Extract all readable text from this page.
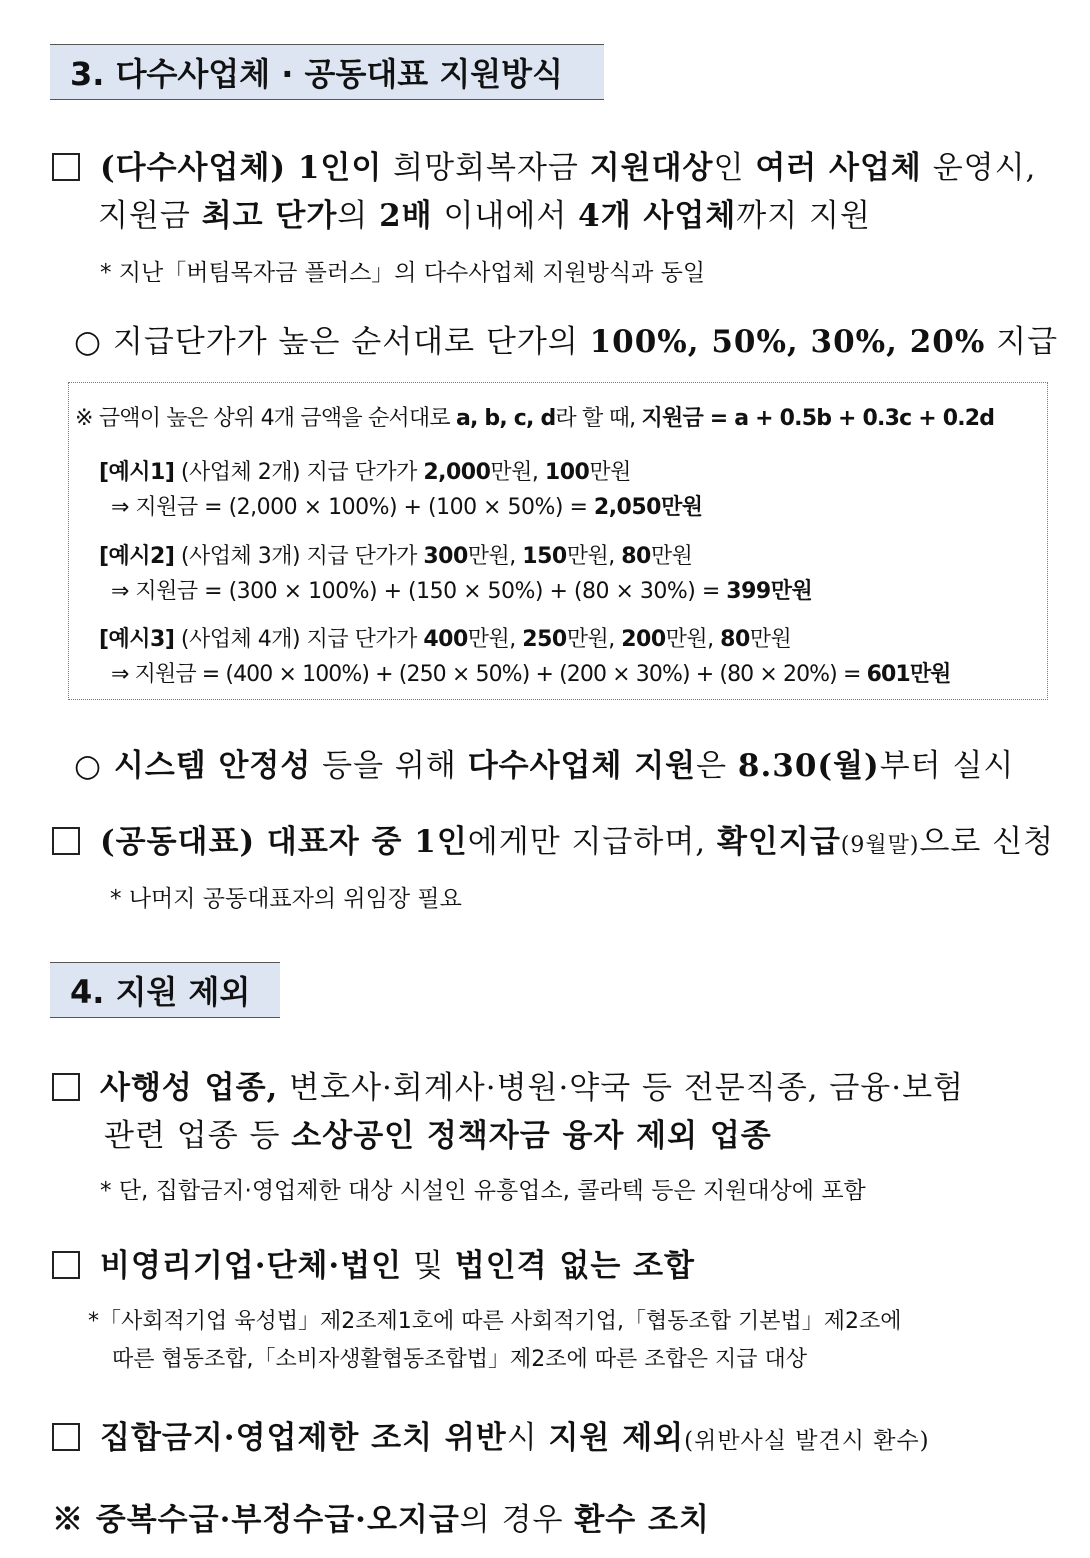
3. 다수사업체 · 공동대표 지원방식
(다수사업체) 1인이 희망회복자금 지원대상인 여러 사업체 운영시,
지원금 최고 단가의 2배 이내에서 4개 사업체까지 지원
* 지난「버팀목자금 플러스」의 다수사업체 지원방식과 동일
○ 지급단가가 높은 순서대로 단가의 100%, 50%, 30%, 20% 지급
※ 금액이 높은 상위 4개 금액을 순서대로 a, b, c, d라 할 때, 지원금 = a + 0.5b + 0.3c + 0.2d
[예시1] (사업체 2개) 지급 단가가 2,000만원, 100만원
⇒ 지원금 = (2,000 × 100%) + (100 × 50%) = 2,050만원
[예시2] (사업체 3개) 지급 단가가 300만원, 150만원, 80만원
⇒ 지원금 = (300 × 100%) + (150 × 50%) + (80 × 30%) = 399만원
[예시3] (사업체 4개) 지급 단가가 400만원, 250만원, 200만원, 80만원
⇒ 지원금 = (400 × 100%) + (250 × 50%) + (200 × 30%) + (80 × 20%) = 601만원
○ 시스템 안정성 등을 위해 다수사업체 지원은 8.30(월)부터 실시
(공동대표) 대표자 중 1인에게만 지급하며, 확인지급(9월말)으로 신청
* 나머지 공동대표자의 위임장 필요
4. 지원 제외
사행성 업종, 변호사·회계사·병원·약국 등 전문직종, 금융·보험
관련 업종 등 소상공인 정책자금 융자 제외 업종
* 단, 집합금지·영업제한 대상 시설인 유흥업소, 콜라텍 등은 지원대상에 포함
비영리기업·단체·법인 및 법인격 없는 조합
*「사회적기업 육성법」제2조제1호에 따른 사회적기업,「협동조합 기본법」제2조에
따른 협동조합,「소비자생활협동조합법」제2조에 따른 조합은 지급 대상
집합금지·영업제한 조치 위반시 지원 제외(위반사실 발견시 환수)
※ 중복수급·부정수급·오지급의 경우 환수 조치
